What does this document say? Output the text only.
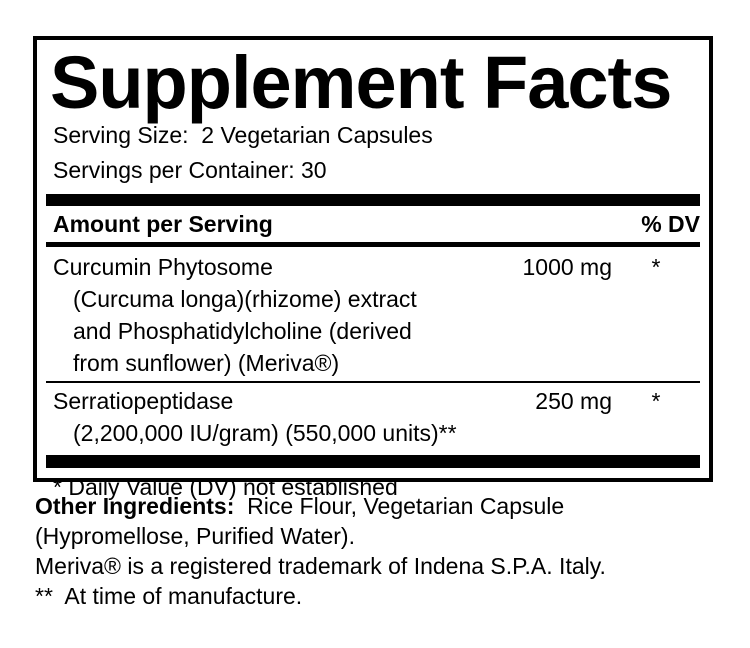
Supplement Facts
Serving Size:  2 Vegetarian Capsules
Servings per Container: 30
Amount per Serving	% DV
Curcumin Phytosome	1000 mg	*
(Curcuma longa)(rhizome) extract
and Phosphatidylcholine (derived
from sunflower) (Meriva®)
Serratiopeptidase	250 mg	*
(2,200,000 IU/gram) (550,000 units)**
* Daily Value (DV) not established
Other Ingredients:  Rice Flour, Vegetarian Capsule
(Hypromellose, Purified Water).
Meriva® is a registered trademark of Indena S.P.A. Italy.
**  At time of manufacture.
